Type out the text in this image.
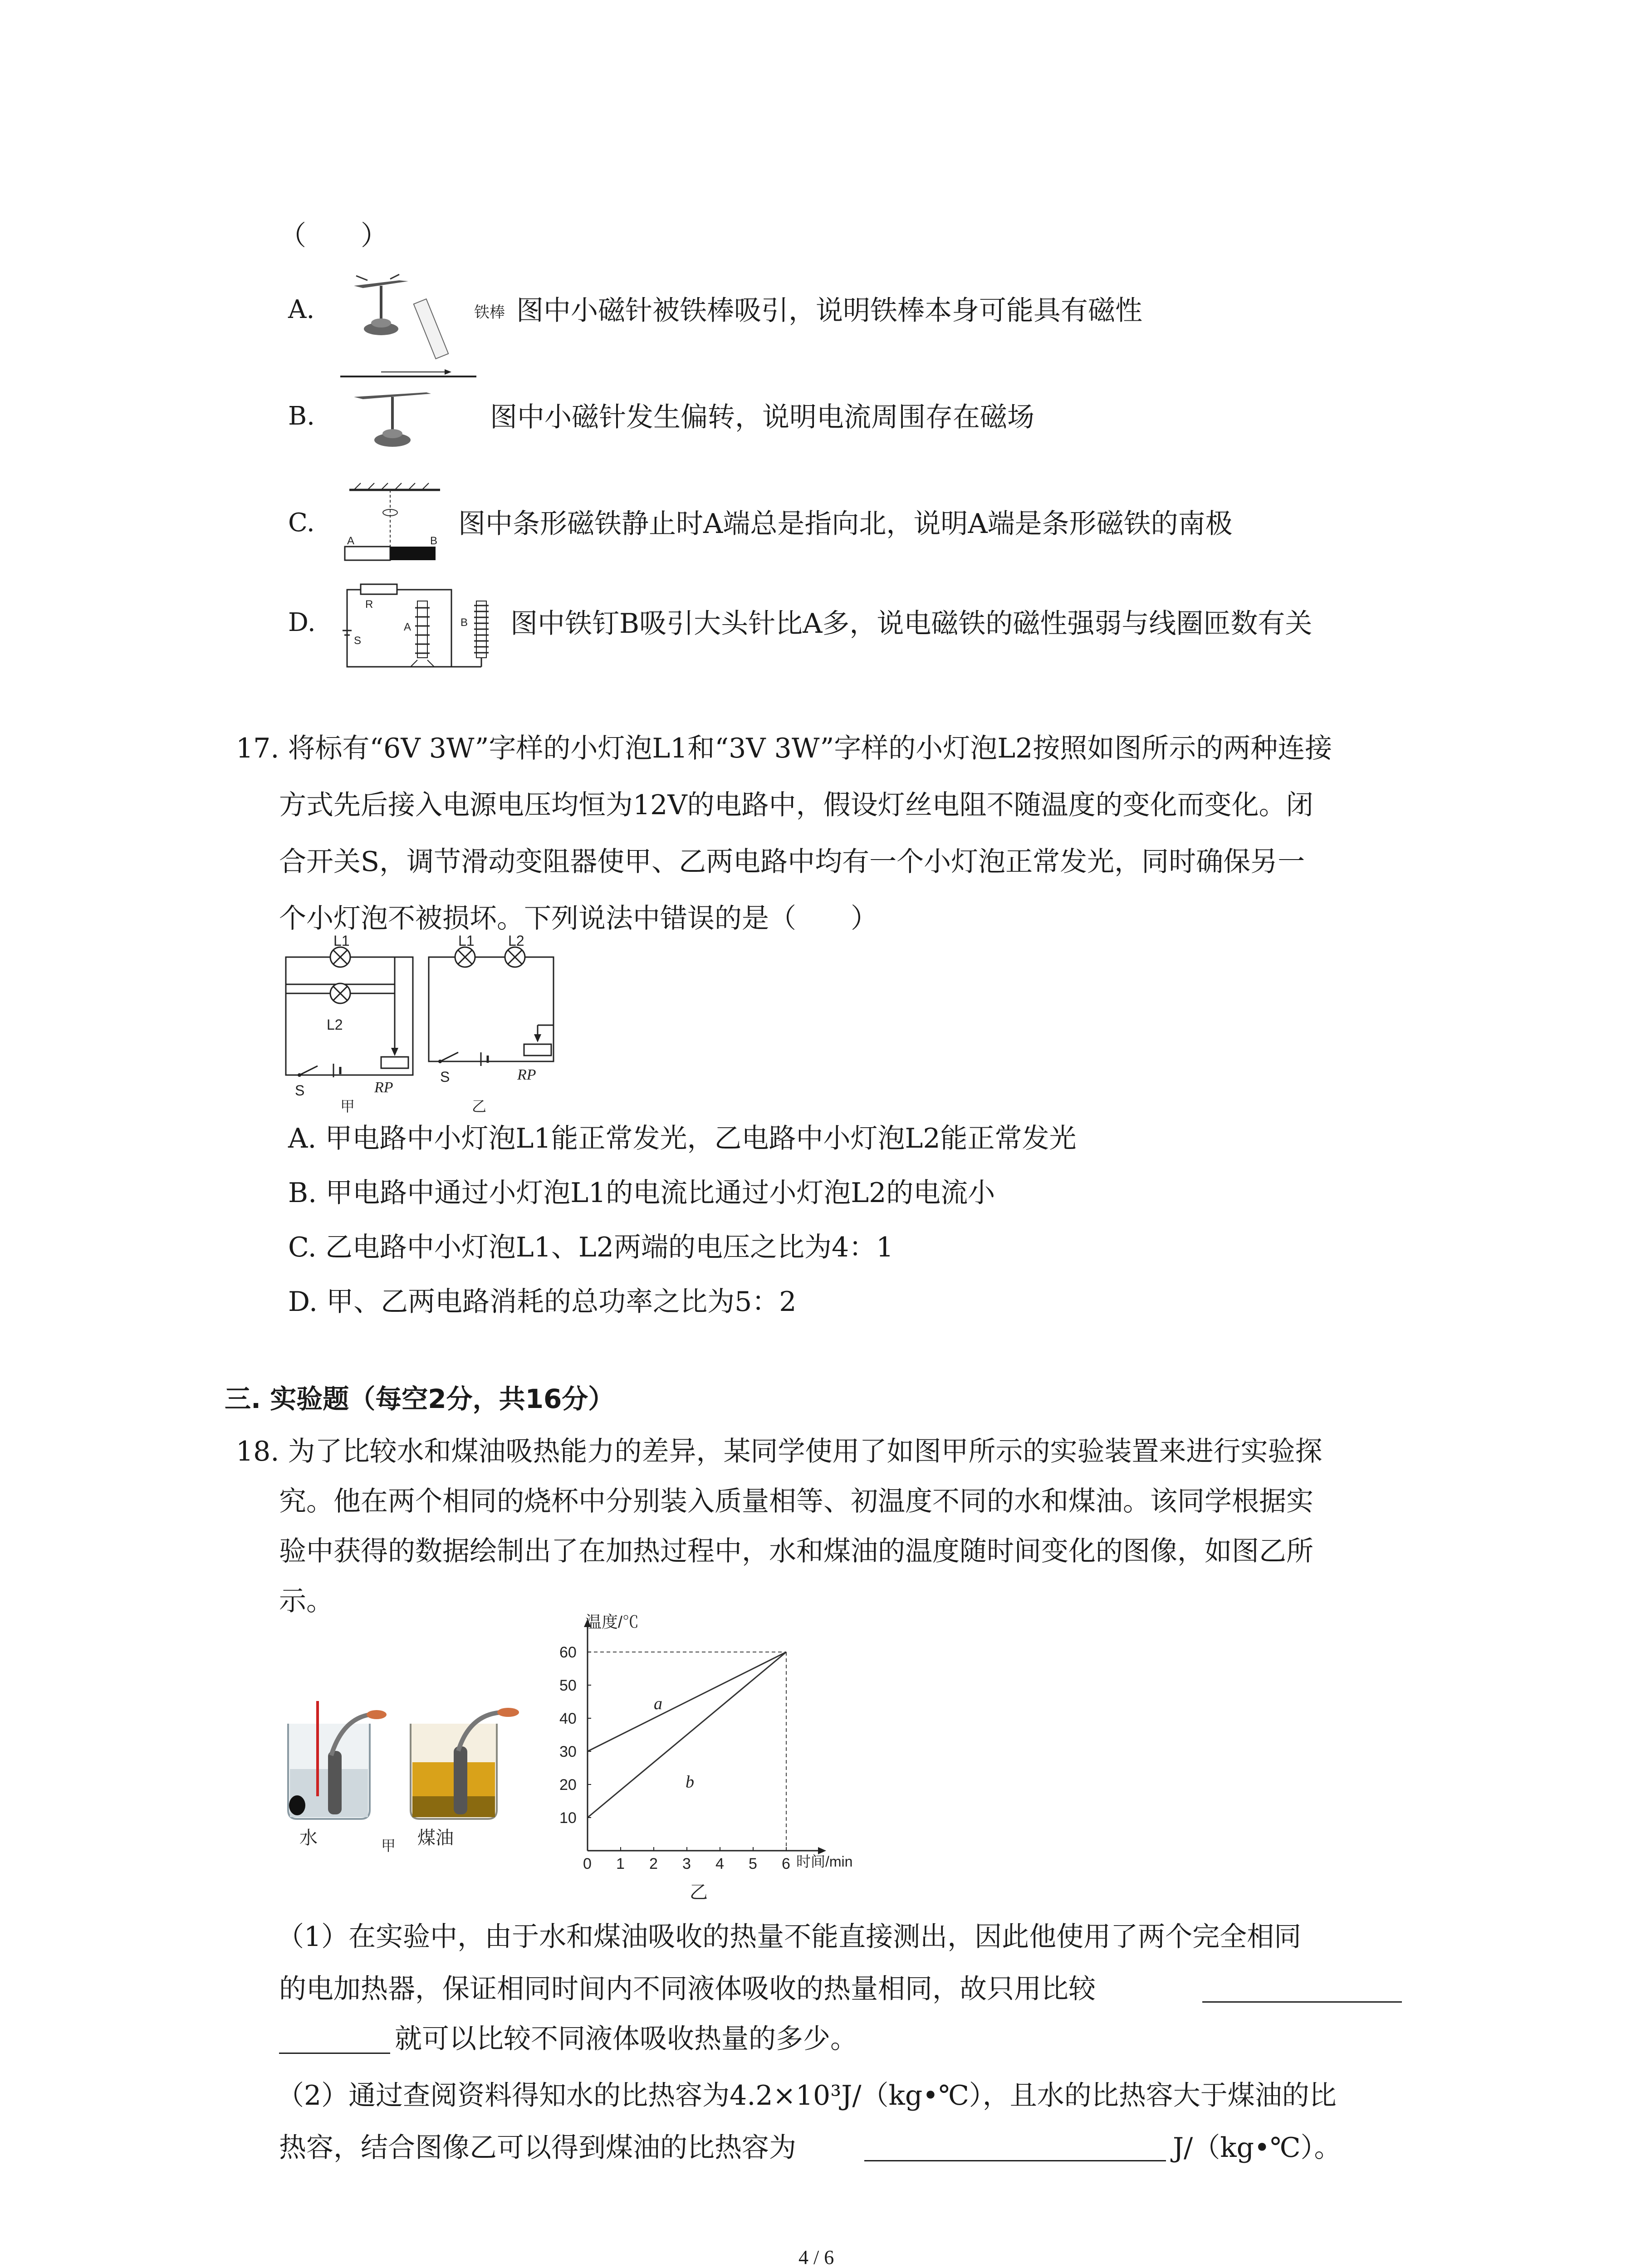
（　　）
A.	铁棒 图中小磁针被铁棒吸引，说明铁棒本身可能具有磁性
B.	图中小磁针发生偏转，说明电流周围存在磁场
C.
A	B
图中条形磁铁静止时A端总是指向北，说明A端是条形磁铁的南极
D.
R
S
A	B 图中铁钉B吸引大头针比A多，说电磁铁的磁性强弱与线圈匝数有关
17. 将标有“6V 3W”字样的小灯泡L1和“3V 3W”字样的小灯泡L2按照如图所示的两种连接
方式先后接入电源电压均恒为12V的电路中，假设灯丝电阻不随温度的变化而变化。闭
合开关S，调节滑动变阻器使甲、乙两电路中均有一个小灯泡正常发光，同时确保另一
个小灯泡不被损坏。下列说法中错误的是（　　）
L1
L2
S	RP
甲
L1 L2
S	RP
乙
A. 甲电路中小灯泡L1能正常发光，乙电路中小灯泡L2能正常发光
B. 甲电路中通过小灯泡L1的电流比通过小灯泡L2的电流小
C. 乙电路中小灯泡L1、L2两端的电压之比为4：1
D. 甲、乙两电路消耗的总功率之比为5：2
三. 实验题（每空2分，共16分）
18. 为了比较水和煤油吸热能力的差异，某同学使用了如图甲所示的实验装置来进行实验探
究。他在两个相同的烧杯中分别装入质量相等、初温度不同的水和煤油。该同学根据实
验中获得的数据绘制出了在加热过程中，水和煤油的温度随时间变化的图像，如图乙所
示。
水	煤油
甲
a
b
0 1 2 3 4 5 6
10
20
30
40
50
60
温度/℃
时间/min
乙
（1）在实验中，由于水和煤油吸收的热量不能直接测出，因此他使用了两个完全相同
的电加热器，保证相同时间内不同液体吸收的热量相同，故只用比较
就可以比较不同液体吸收热量的多少。
（2）通过查阅资料得知水的比热容为4.2×10³J/（kg•℃），且水的比热容大于煤油的比
热容，结合图像乙可以得到煤油的比热容为	J/（kg•℃）。
4 / 6
